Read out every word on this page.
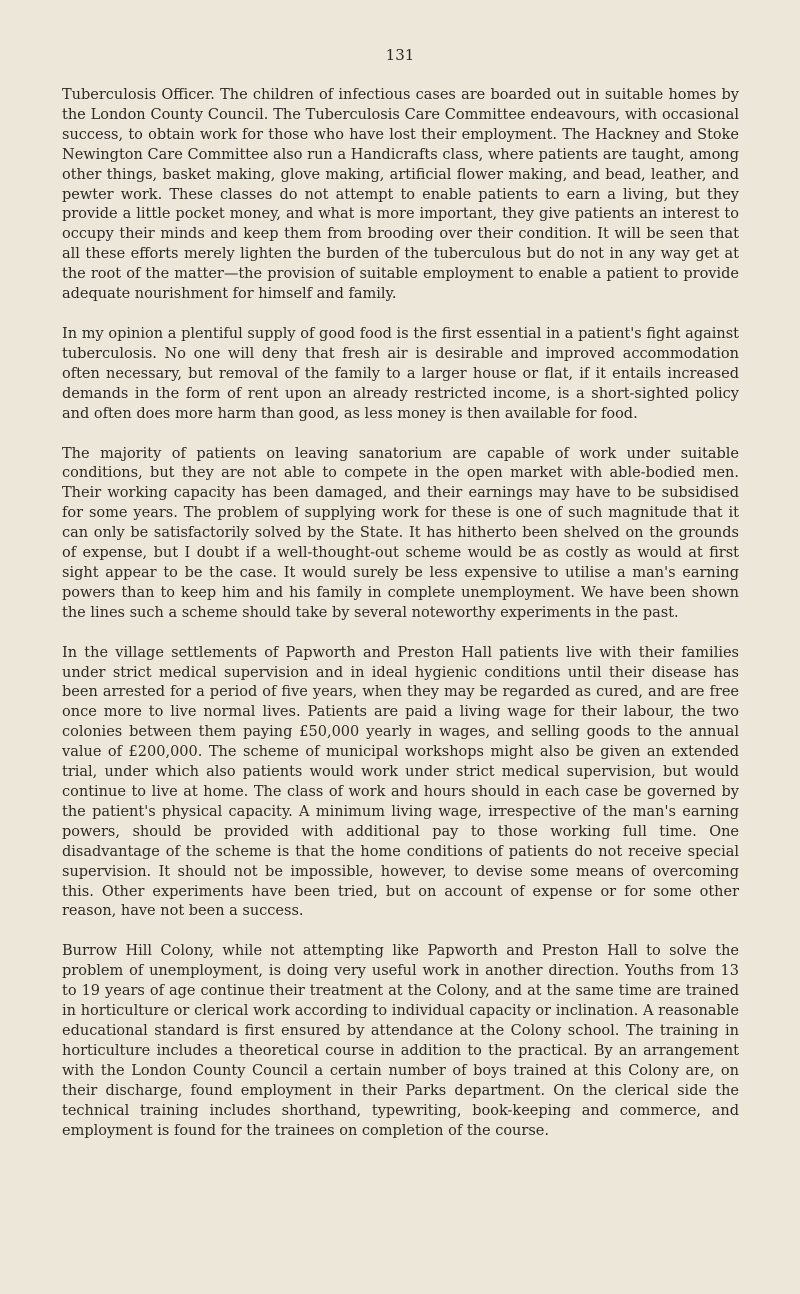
131

Tuberculosis Officer. The children of infectious cases are boarded out in suitable homes by the London County Council. The Tuberculosis Care Committee endeavours, with occasional success, to obtain work for those who have lost their employment. The Hackney and Stoke Newington Care Committee also run a Handicrafts class, where patients are taught, among other things, basket making, glove making, artificial flower making, and bead, leather, and pewter work. These classes do not attempt to enable patients to earn a living, but they provide a little pocket money, and what is more important, they give patients an interest to occupy their minds and keep them from brooding over their condition. It will be seen that all these efforts merely lighten the burden of the tuberculous but do not in any way get at the root of the matter—the provision of suitable employment to enable a patient to provide adequate nourishment for himself and family.

In my opinion a plentiful supply of good food is the first essential in a patient's fight against tuberculosis. No one will deny that fresh air is desirable and improved accommodation often necessary, but removal of the family to a larger house or flat, if it entails increased demands in the form of rent upon an already restricted income, is a short-sighted policy and often does more harm than good, as less money is then available for food.

The majority of patients on leaving sanatorium are capable of work under suitable conditions, but they are not able to compete in the open market with able-bodied men. Their working capacity has been damaged, and their earnings may have to be subsidised for some years. The problem of supplying work for these is one of such magnitude that it can only be satisfactorily solved by the State. It has hitherto been shelved on the grounds of expense, but I doubt if a well-thought-out scheme would be as costly as would at first sight appear to be the case. It would surely be less expensive to utilise a man's earning powers than to keep him and his family in complete unemployment. We have been shown the lines such a scheme should take by several noteworthy experiments in the past.

In the village settlements of Papworth and Preston Hall patients live with their families under strict medical supervision and in ideal hygienic conditions until their disease has been arrested for a period of five years, when they may be regarded as cured, and are free once more to live normal lives. Patients are paid a living wage for their labour, the two colonies between them paying £50,000 yearly in wages, and selling goods to the annual value of £200,000. The scheme of municipal workshops might also be given an extended trial, under which also patients would work under strict medical supervision, but would continue to live at home. The class of work and hours should in each case be governed by the patient's physical capacity. A minimum living wage, irrespective of the man's earning powers, should be provided with additional pay to those working full time. One disadvantage of the scheme is that the home conditions of patients do not receive special supervision. It should not be impossible, however, to devise some means of overcoming this. Other experiments have been tried, but on account of expense or for some other reason, have not been a success.

Burrow Hill Colony, while not attempting like Papworth and Preston Hall to solve the problem of unemployment, is doing very useful work in another direction. Youths from 13 to 19 years of age continue their treatment at the Colony, and at the same time are trained in horticulture or clerical work according to individual capacity or inclination. A reasonable educational standard is first ensured by attendance at the Colony school. The training in horticulture includes a theoretical course in addition to the practical. By an arrangement with the London County Council a certain number of boys trained at this Colony are, on their discharge, found employment in their Parks department. On the clerical side the technical training includes shorthand, typewriting, book-keeping and commerce, and employment is found for the trainees on completion of the course.
